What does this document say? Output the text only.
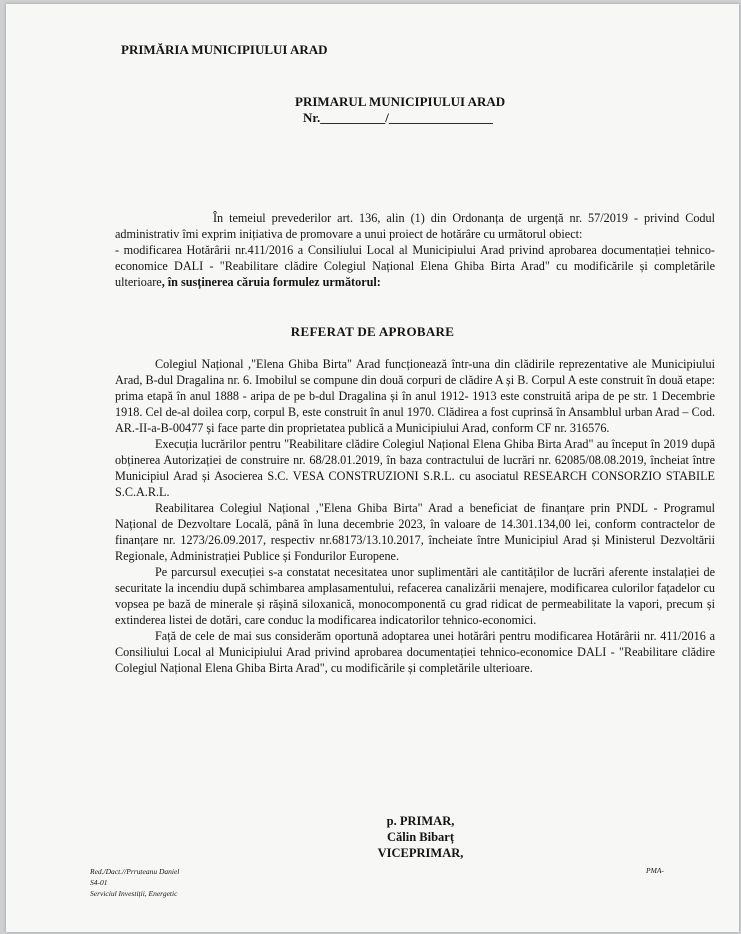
PRIMĂRIA MUNICIPIULUI ARAD
PRIMARUL MUNICIPIULUI ARAD
Nr.__________/________________

În temeiul prevederilor art. 136, alin (1) din Ordonanța de urgență nr. 57/2019 - privind Codul administrativ îmi exprim inițiativa de promovare a unui proiect de hotărâre cu următorul obiect:

- modificarea Hotărârii nr.411/2016 a Consiliului Local al Municipiului Arad privind aprobarea documentației tehnico-economice DALI - "Reabilitare clădire Colegiul Național Elena Ghiba Birta Arad" cu modificările și completările ulterioare, în susținerea căruia formulez următorul:

REFERAT DE APROBARE

Colegiul Național ,"Elena Ghiba Birta" Arad funcționează într-una din clădirile reprezentative ale Municipiului Arad, B-dul Dragalina nr. 6. Imobilul se compune din două corpuri de clădire A și B. Corpul A este construit în două etape: prima etapă în anul 1888 - aripa de pe b-dul Dragalina și în anul 1912- 1913 este construită aripa de pe str. 1 Decembrie 1918. Cel de-al doilea corp, corpul B, este construit în anul 1970. Clădirea a fost cuprinsă în Ansamblul urban Arad – Cod. AR.-II-a-B-00477 și face parte din proprietatea publică a Municipiului Arad, conform CF nr. 316576.

Execuția lucrărilor pentru "Reabilitare clădire Colegiul Național Elena Ghiba Birta Arad" au început în 2019 după obținerea Autorizației de construire nr. 68/28.01.2019, în baza contractului de lucrări nr. 62085/08.08.2019, încheiat între Municipiul Arad și Asocierea S.C. VESA CONSTRUZIONI S.R.L. cu asociatul RESEARCH CONSORZIO STABILE S.C.A.R.L.

Reabilitarea Colegiul Național ,"Elena Ghiba Birta" Arad a beneficiat de finanțare prin PNDL - Programul Național de Dezvoltare Locală, până în luna decembrie 2023, în valoare de 14.301.134,00 lei, conform contractelor de finanțare nr. 1273/26.09.2017, respectiv nr.68173/13.10.2017, încheiate între Municipiul Arad și Ministerul Dezvoltării Regionale, Administrației Publice și Fondurilor Europene.

Pe parcursul execuției s-a constatat necesitatea unor suplimentări ale cantităților de lucrări aferente instalației de securitate la incendiu după schimbarea amplasamentului, refacerea canalizării menajere, modificarea culorilor fațadelor cu vopsea pe bază de minerale și rășină siloxanică, monocomponentă cu grad ridicat de permeabilitate la vapori, precum și extinderea listei de dotări, care conduc la modificarea indicatorilor tehnico-economici.

Față de cele de mai sus considerăm oportună adoptarea unei hotărâri pentru modificarea Hotărârii nr. 411/2016 a Consiliului Local al Municipiului Arad privind aprobarea documentației tehnico-economice DALI - "Reabilitare clădire Colegiul Național Elena Ghiba Birta Arad", cu modificările și completările ulterioare.

p. PRIMAR,
Călin Bibarț
VICEPRIMAR,
Red./Dact.//Prruteanu Daniel
S4-01
Serviciul Investiții, Energetic
PMA-
